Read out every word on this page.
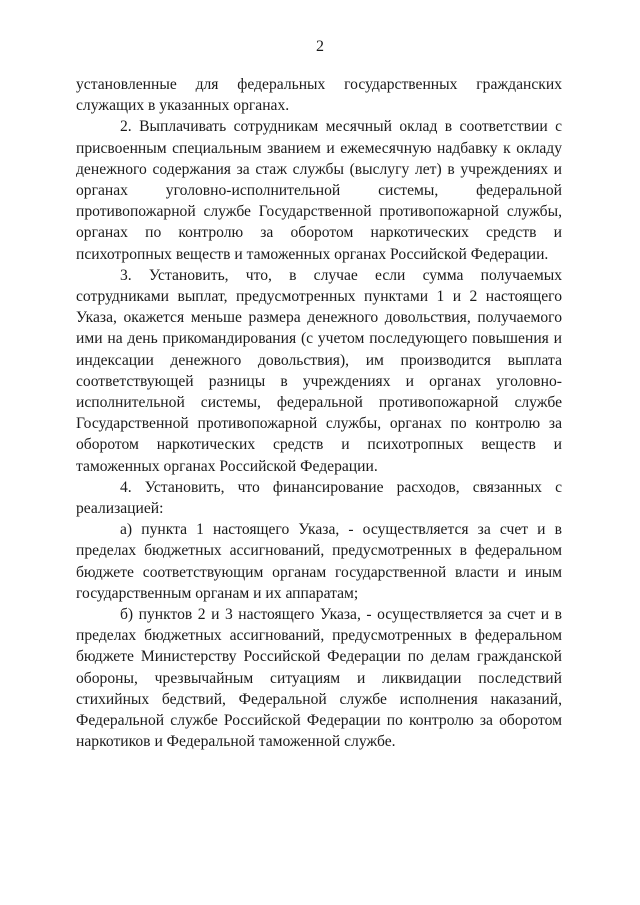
2

установленные для федеральных государственных гражданских служащих в указанных органах.

2. Выплачивать сотрудникам месячный оклад в соответствии с присвоенным специальным званием и ежемесячную надбавку к окладу денежного содержания за стаж службы (выслугу лет) в учреждениях и органах уголовно-исполнительной системы, федеральной противопожарной службе Государственной противопожарной службы, органах по контролю за оборотом наркотических средств и психотропных веществ и таможенных органах Российской Федерации.

3. Установить, что, в случае если сумма получаемых сотрудниками выплат, предусмотренных пунктами 1 и 2 настоящего Указа, окажется меньше размера денежного довольствия, получаемого ими на день прикомандирования (с учетом последующего повышения и индексации денежного довольствия), им производится выплата соответствующей разницы в учреждениях и органах уголовно-исполнительной системы, федеральной противопожарной службе Государственной противопожарной службы, органах по контролю за оборотом наркотических средств и психотропных веществ и таможенных органах Российской Федерации.

4. Установить, что финансирование расходов, связанных с реализацией:

а) пункта 1 настоящего Указа, - осуществляется за счет и в пределах бюджетных ассигнований, предусмотренных в федеральном бюджете соответствующим органам государственной власти и иным государственным органам и их аппаратам;

б) пунктов 2 и 3 настоящего Указа, - осуществляется за счет и в пределах бюджетных ассигнований, предусмотренных в федеральном бюджете Министерству Российской Федерации по делам гражданской обороны, чрезвычайным ситуациям и ликвидации последствий стихийных бедствий, Федеральной службе исполнения наказаний, Федеральной службе Российской Федерации по контролю за оборотом наркотиков и Федеральной таможенной службе.
